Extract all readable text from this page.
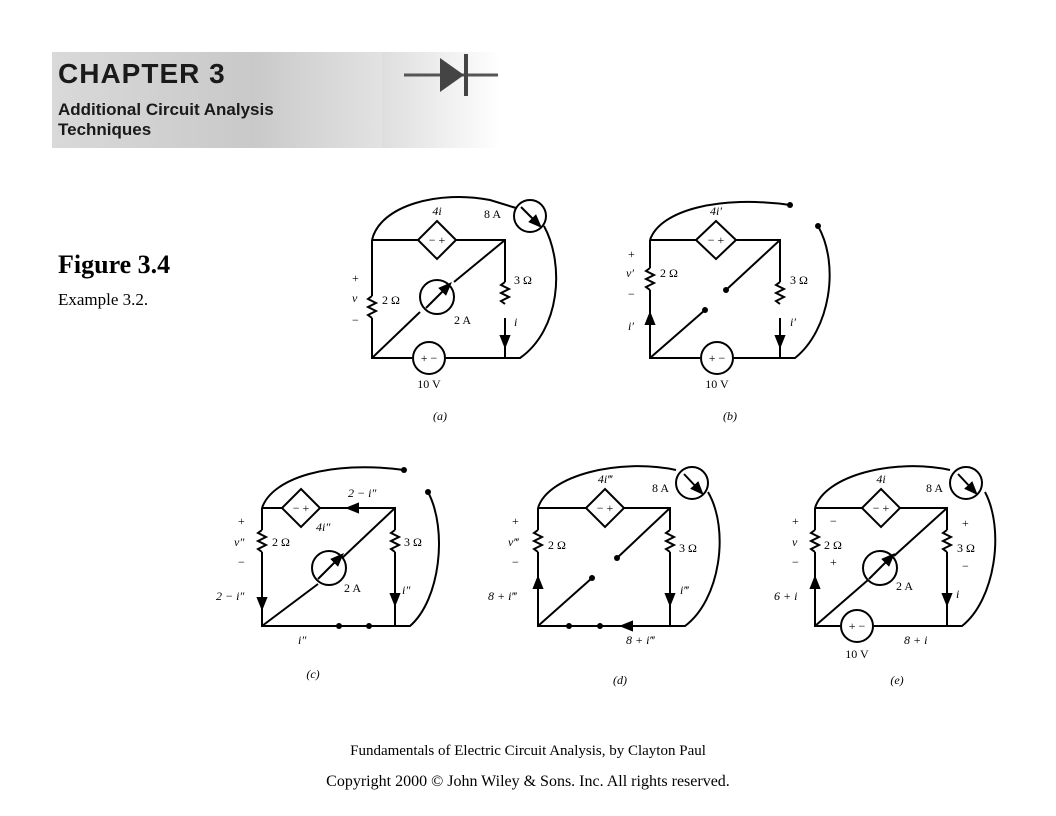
CHAPTER 3
Additional Circuit Analysis
Techniques
Figure 3.4
Example 3.2.
− +
4i	8 A
2 A
2 Ω
3 Ω
+ −
10 V
+
v
−	i
(a)
− +
4i′
2 Ω	3 Ω
+ −
10 V
+
v′
−
i′	i′
(b)
− +
4i″
2 − i″
2 A
2 Ω	3 Ω
+
v″
−
2 − i″	i″
i″
(c)
− +
4i‴
8 A
2 Ω	3 Ω
+
v‴
−
8 + i‴	i‴
8 + i‴
(d)
− +
4i
8 A
2 A
2 Ω	3 Ω
+ −
10 V
+	−
v
−	+
+
−
6 + i	i
8 + i
(e)
Fundamentals of Electric Circuit Analysis, by Clayton Paul
Copyright 2000 © John Wiley & Sons. Inc. All rights reserved.
